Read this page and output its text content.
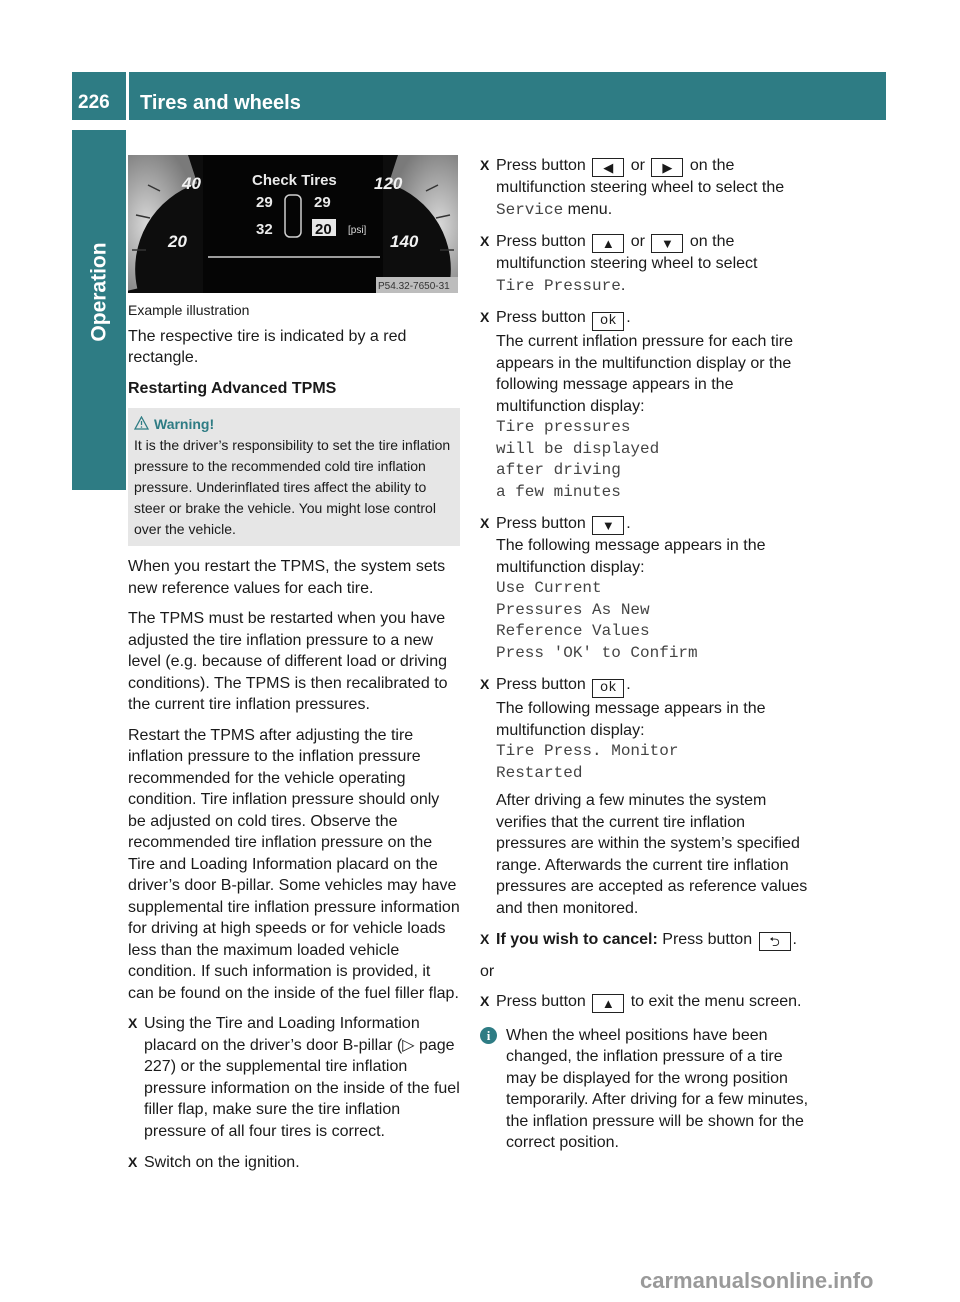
226	Tires and wheels
Operation
Check Tires
29	29
32	20 [psi]
40
20
120
140
P54.32-7650-31

Example illustration

The respective tire is indicated by a red rectangle.

Restarting Advanced TPMS

Warning!
It is the driver’s responsibility to set the tire inflation pressure to the recommended cold tire inflation pressure. Underinflated tires affect the ability to steer or brake the vehicle. You might lose control over the vehicle.

When you restart the TPMS, the system sets new reference values for each tire.

The TPMS must be restarted when you have adjusted the tire inflation pressure to a new level (e.g. because of different load or driving conditions). The TPMS is then recalibrated to the current tire inflation pressures.

Restart the TPMS after adjusting the tire inflation pressure to the inflation pressure recommended for the vehicle operating condition. Tire inflation pressure should only be adjusted on cold tires. Observe the recommended tire inflation pressure on the Tire and Loading Information placard on the driver’s door B-pillar. Some vehicles may have supplemental tire inflation pressure information for driving at high speeds or for vehicle loads less than the maximum loaded vehicle condition. If such information is provided, it can be found on the inside of the fuel filler flap.

X Using the Tire and Loading Information placard on the driver’s door B-pillar (▷ page 227) or the supplemental tire inflation pressure information on the inside of the fuel filler flap, make sure the tire inflation pressure of all four tires is correct.
X Switch on the ignition.
X Press button ◀ or ▶ on the multifunction steering wheel to select the Service menu.
X Press button ▲ or ▼ on the multifunction steering wheel to select
Tire Pressure.
X Press button ok .
The current inflation pressure for each tire appears in the multifunction display or the following message appears in the multifunction display:
Tire pressures
will be displayed
after driving
a few minutes
X Press button ▼ .
The following message appears in the multifunction display:
Use Current
Pressures As New
Reference Values
Press 'OK' to Confirm
X Press button ok .
The following message appears in the multifunction display:
Tire Press. Monitor
Restarted
After driving a few minutes the system verifies that the current tire inflation pressures are within the system’s specified range. Afterwards the current tire inflation pressures are accepted as reference values and then monitored.
X If you wish to cancel: Press button ⮌ .

or

X Press button ▲ to exit the menu screen.
i When the wheel positions have been changed, the inflation pressure of a tire may be displayed for the wrong position temporarily. After driving for a few minutes, the inflation pressure will be shown for the correct position.
carmanualsonline.info
